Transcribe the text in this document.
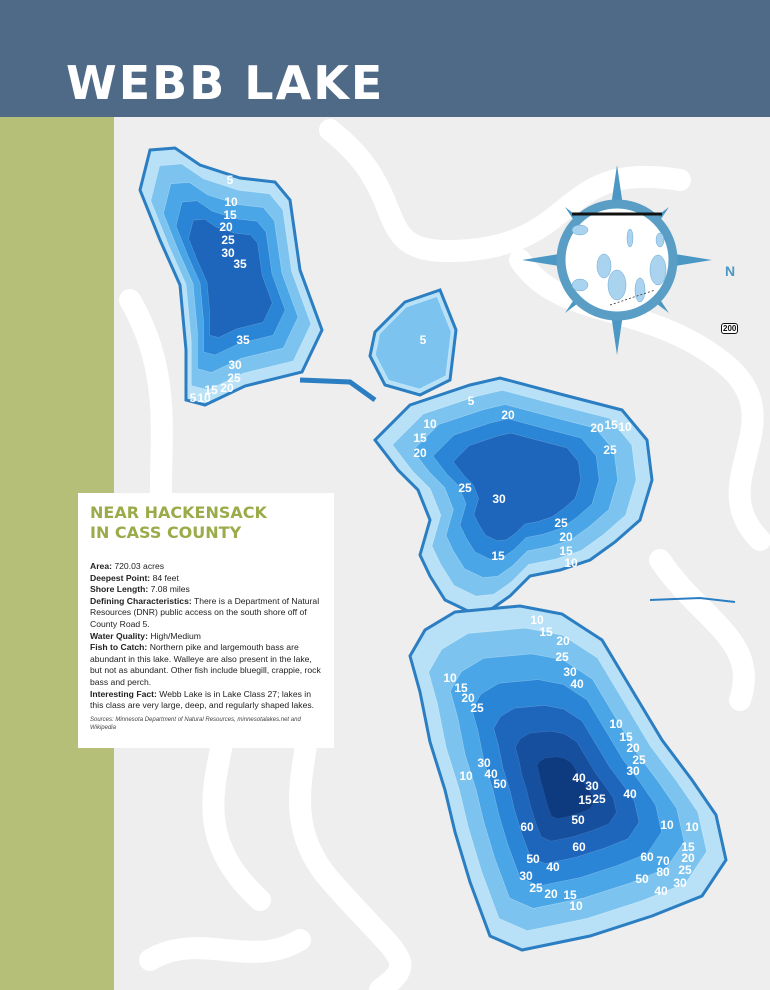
WEBB LAKE
N
200
5
10
15
20
25
30
35
35
30
25
20
15
5 10
5
5
20
10
15
20
20 15 10
25
25
30
25
20
15
10
15
10
15
20
25
30
40
10
15
20
25
10
15
20
25
30
10
30
40
50	40
30
15 25 40
50
60	10 10
15
60
20
60 70
50
40	80 25
30
50
30
40
25 20 15
10
NEAR HACKENSACK
IN CASS COUNTY
Area: 720.03 acres
Deepest Point: 84 feet
Shore Length: 7.08 miles
Defining Characteristics: There is a Department of Natural Resources (DNR) public access on the south shore off of County Road 5.
Water Quality: High/Medium
Fish to Catch: Northern pike and largemouth bass are abundant in this lake. Walleye are also present in the lake, but not as abundant. Other fish include bluegill, crappie, rock bass and perch.
Interesting Fact: Webb Lake is in Lake Class 27; lakes in this class are very large, deep, and regularly shaped lakes.
Sources: Minnesota Department of Natural Resources, minnesotalakes.net and Wikipedia
